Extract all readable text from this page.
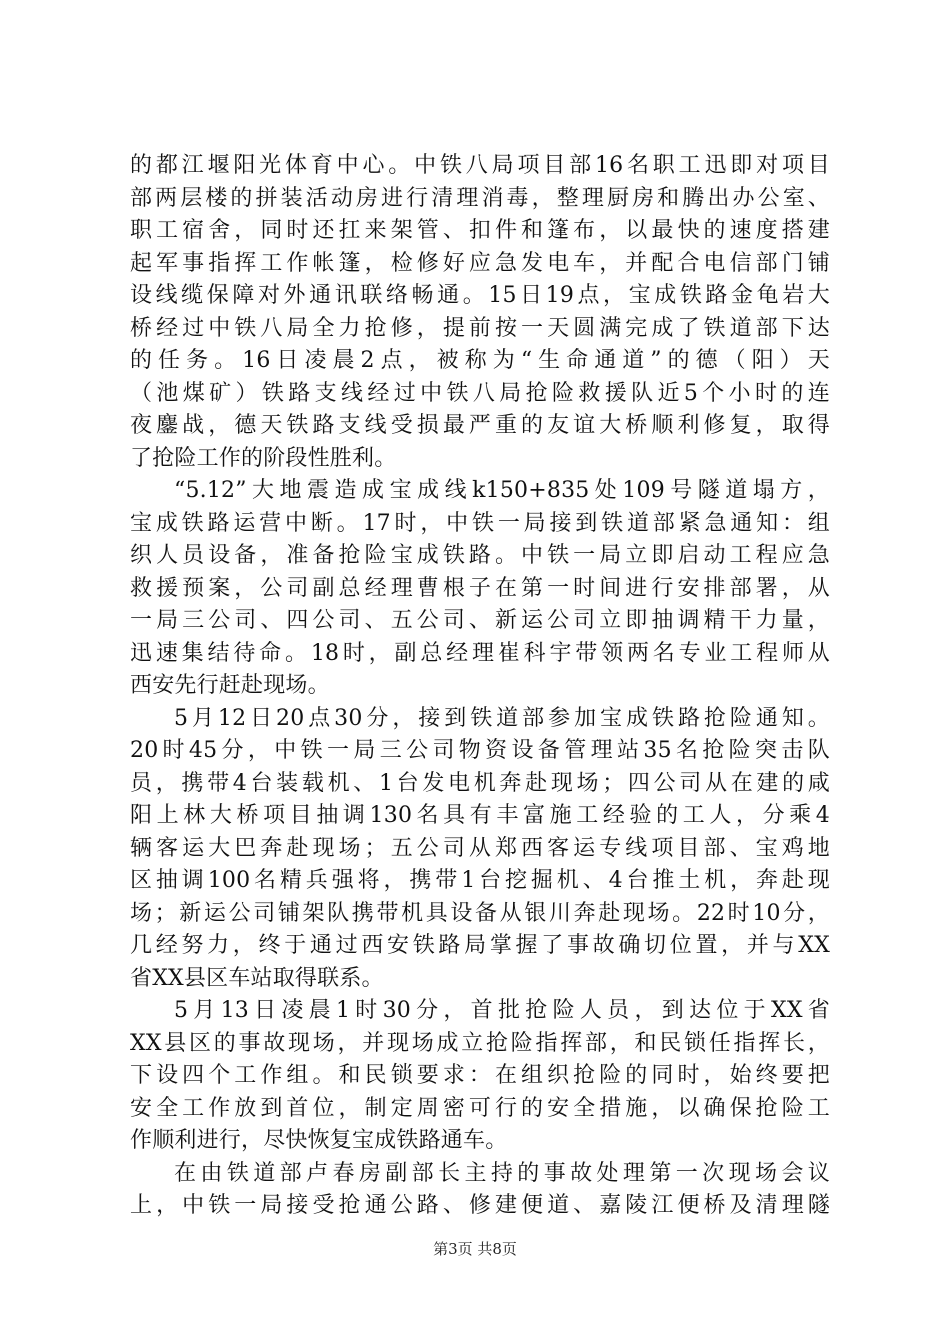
的都江堰阳光体育中心。中铁八局项目部16名职工迅即对项目
部两层楼的拼装活动房进行清理消毒，整理厨房和腾出办公室、
职工宿舍，同时还扛来架管、扣件和篷布，以最快的速度搭建
起军事指挥工作帐篷，检修好应急发电车，并配合电信部门铺
设线缆保障对外通讯联络畅通。15日19点，宝成铁路金龟岩大
桥经过中铁八局全力抢修，提前按一天圆满完成了铁道部下达
的任务。16日凌晨2点，被称为“生命通道”的德（阳）天
（池煤矿）铁路支线经过中铁八局抢险救援队近5个小时的连
夜鏖战，德天铁路支线受损最严重的友谊大桥顺利修复，取得
了抢险工作的阶段性胜利。
“5.12”大地震造成宝成线k150+835处109号隧道塌方，
宝成铁路运营中断。17时，中铁一局接到铁道部紧急通知：组
织人员设备，准备抢险宝成铁路。中铁一局立即启动工程应急
救援预案，公司副总经理曹根子在第一时间进行安排部署，从
一局三公司、四公司、五公司、新运公司立即抽调精干力量，
迅速集结待命。18时，副总经理崔科宇带领两名专业工程师从
西安先行赶赴现场。
5月12日20点30分，接到铁道部参加宝成铁路抢险通知。
20时45分，中铁一局三公司物资设备管理站35名抢险突击队
员，携带4台装载机、1台发电机奔赴现场；四公司从在建的咸
阳上林大桥项目抽调130名具有丰富施工经验的工人，分乘4
辆客运大巴奔赴现场；五公司从郑西客运专线项目部、宝鸡地
区抽调100名精兵强将，携带1台挖掘机、4台推土机，奔赴现
场；新运公司铺架队携带机具设备从银川奔赴现场。22时10分，
几经努力，终于通过西安铁路局掌握了事故确切位置，并与XX
省XX县区车站取得联系。
5月13日凌晨1时30分，首批抢险人员，到达位于XX省
XX县区的事故现场，并现场成立抢险指挥部，和民锁任指挥长，
下设四个工作组。和民锁要求：在组织抢险的同时，始终要把
安全工作放到首位，制定周密可行的安全措施，以确保抢险工
作顺利进行，尽快恢复宝成铁路通车。
在由铁道部卢春房副部长主持的事故处理第一次现场会议
上，中铁一局接受抢通公路、修建便道、嘉陵江便桥及清理隧
第3页 共8页
